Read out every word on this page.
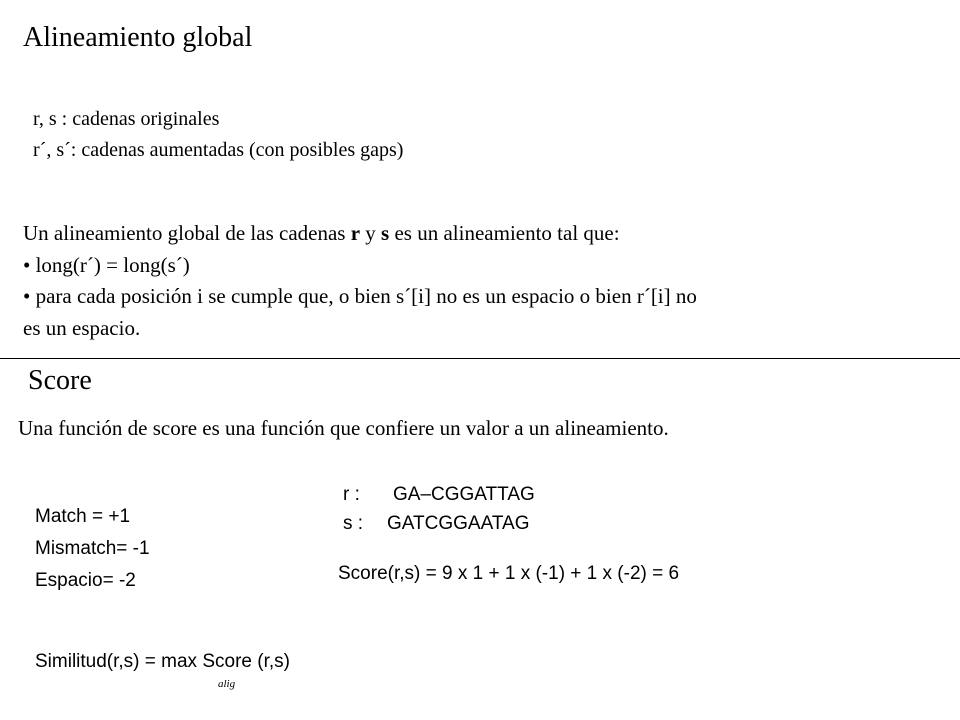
Alineamiento global
r, s : cadenas originales
r´, s´: cadenas aumentadas (con posibles gaps)
Un alineamiento global de las cadenas r y s es un alineamiento tal que:
• long(r´) = long(s´)
• para cada posición i se cumple que, o bien s´[i] no es un espacio o bien r´[i] no
es un espacio.
Score
Una función de score es una función que confiere un valor a un alineamiento.
r : GA–CGGATTAG
s : GATCGGAATAG
Match = +1
Mismatch= -1
Espacio= -2	Score(r,s) = 9 x 1 + 1 x (-1) + 1 x (-2) = 6
Similitud(r,s) = max Score (r,s)
alig
